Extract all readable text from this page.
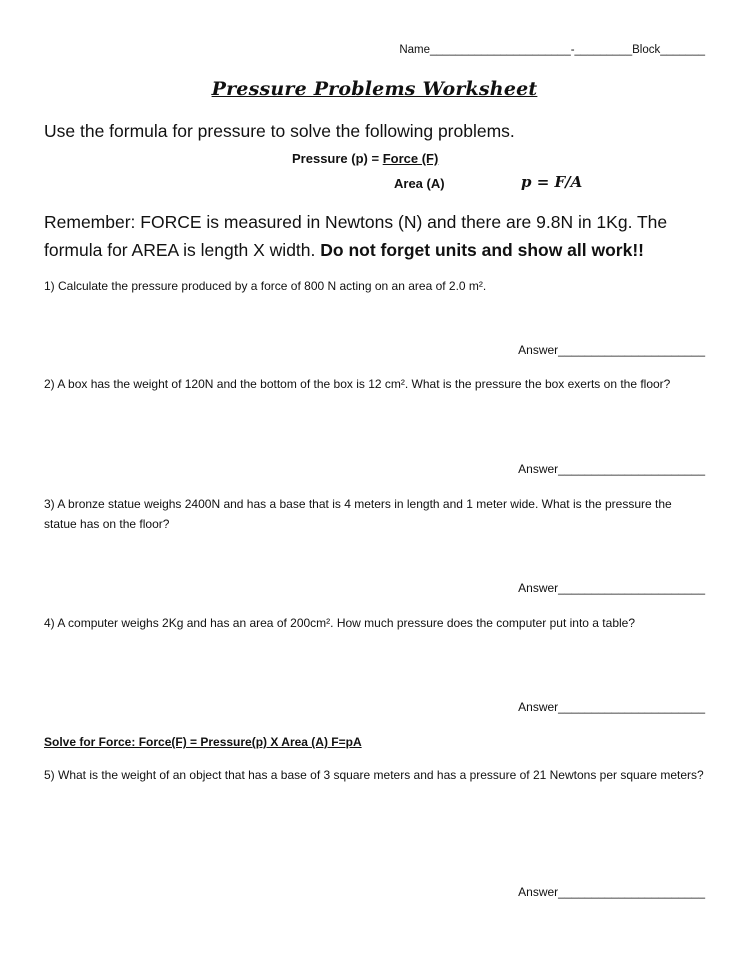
Name______________________-_________Block_______
Pressure Problems Worksheet
Use the formula for pressure to solve the following problems.
Pressure (p) = Force (F)
Area (A)	p = F/A
Remember: FORCE is measured in Newtons (N) and there are 9.8N in 1Kg. The formula for AREA is length X width. Do not forget units and show all work!!
1) Calculate the pressure produced by a force of 800 N acting on an area of 2.0 m².
Answer______________________
2) A box has the weight of 120N and the bottom of the box is 12 cm². What is the pressure the box exerts on the floor?
Answer______________________
3) A bronze statue weighs 2400N and has a base that is 4 meters in length and 1 meter wide. What is the pressure the statue has on the floor?
Answer______________________
4) A computer weighs 2Kg and has an area of 200cm². How much pressure does the computer put into a table?
Answer______________________
Solve for Force: Force(F) = Pressure(p) X Area (A) F=pA
5) What is the weight of an object that has a base of 3 square meters and has a pressure of 21 Newtons per square meters?
Answer______________________
